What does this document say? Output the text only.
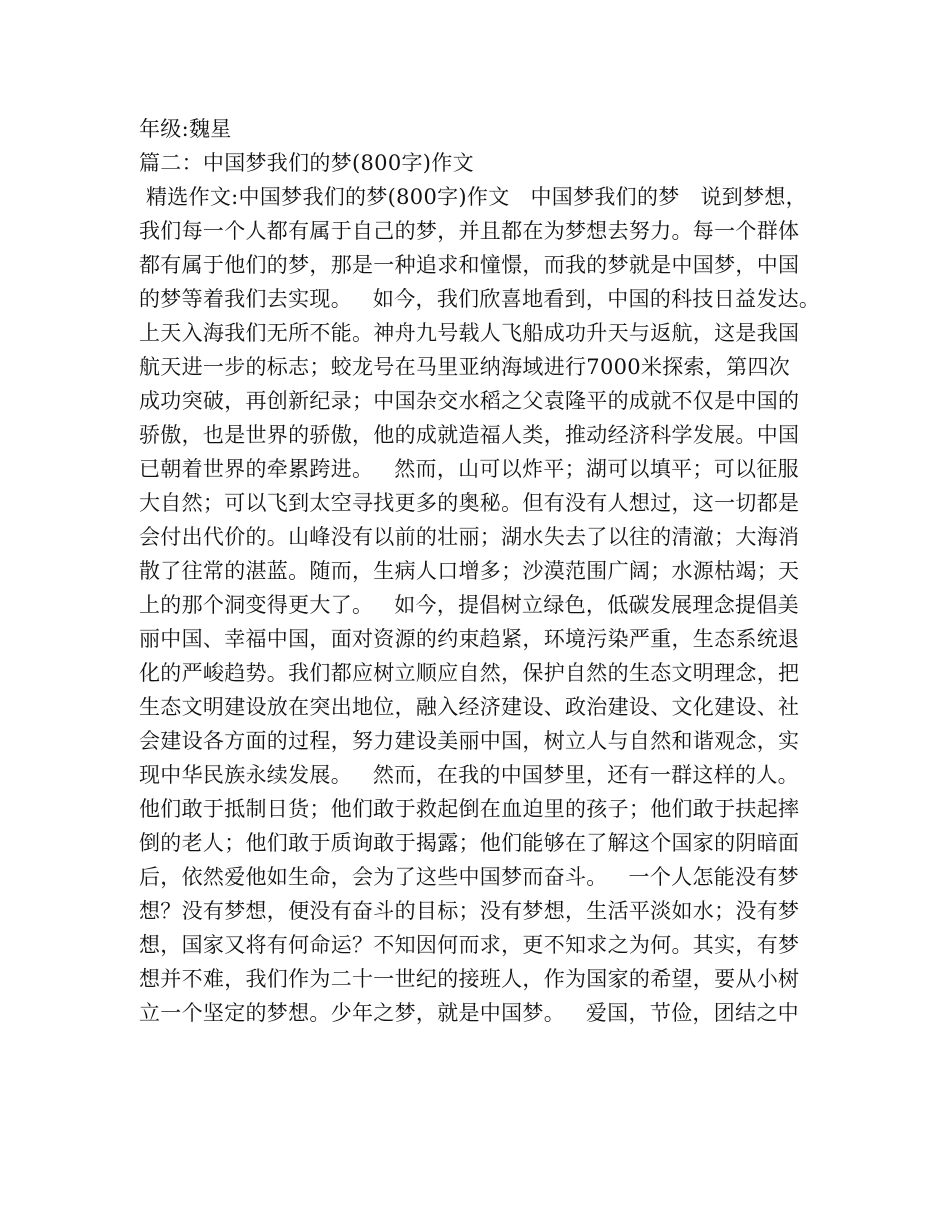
年级:魏星
篇二：中国梦我们的梦(800字)作文
精选作文:中国梦我们的梦(800字)作文   中国梦我们的梦   说到梦想，
我们每一个人都有属于自己的梦，并且都在为梦想去努力。每一个群体
都有属于他们的梦，那是一种追求和憧憬，而我的梦就是中国梦，中国
的梦等着我们去实现。   如今，我们欣喜地看到，中国的科技日益发达。
上天入海我们无所不能。神舟九号载人飞船成功升天与返航，这是我国
航天进一步的标志；蛟龙号在马里亚纳海域进行7000米探索，第四次
成功突破，再创新纪录；中国杂交水稻之父袁隆平的成就不仅是中国的
骄傲，也是世界的骄傲，他的成就造福人类，推动经济科学发展。中国
已朝着世界的牵累跨进。   然而，山可以炸平；湖可以填平；可以征服
大自然；可以飞到太空寻找更多的奥秘。但有没有人想过，这一切都是
会付出代价的。山峰没有以前的壮丽；湖水失去了以往的清澈；大海消
散了往常的湛蓝。随而，生病人口增多；沙漠范围广阔；水源枯竭；天
上的那个洞变得更大了。   如今，提倡树立绿色，低碳发展理念提倡美
丽中国、幸福中国，面对资源的约束趋紧，环境污染严重，生态系统退
化的严峻趋势。我们都应树立顺应自然，保护自然的生态文明理念，把
生态文明建设放在突出地位，融入经济建设、政治建设、文化建设、社
会建设各方面的过程，努力建设美丽中国，树立人与自然和谐观念，实
现中华民族永续发展。   然而，在我的中国梦里，还有一群这样的人。
他们敢于抵制日货；他们敢于救起倒在血迫里的孩子；他们敢于扶起摔
倒的老人；他们敢于质询敢于揭露；他们能够在了解这个国家的阴暗面
后，依然爱他如生命，会为了这些中国梦而奋斗。   一个人怎能没有梦
想？没有梦想，便没有奋斗的目标；没有梦想，生活平淡如水；没有梦
想，国家又将有何命运？不知因何而求，更不知求之为何。其实，有梦
想并不难，我们作为二十一世纪的接班人，作为国家的希望，要从小树
立一个坚定的梦想。少年之梦，就是中国梦。   爱国，节俭，团结之中
